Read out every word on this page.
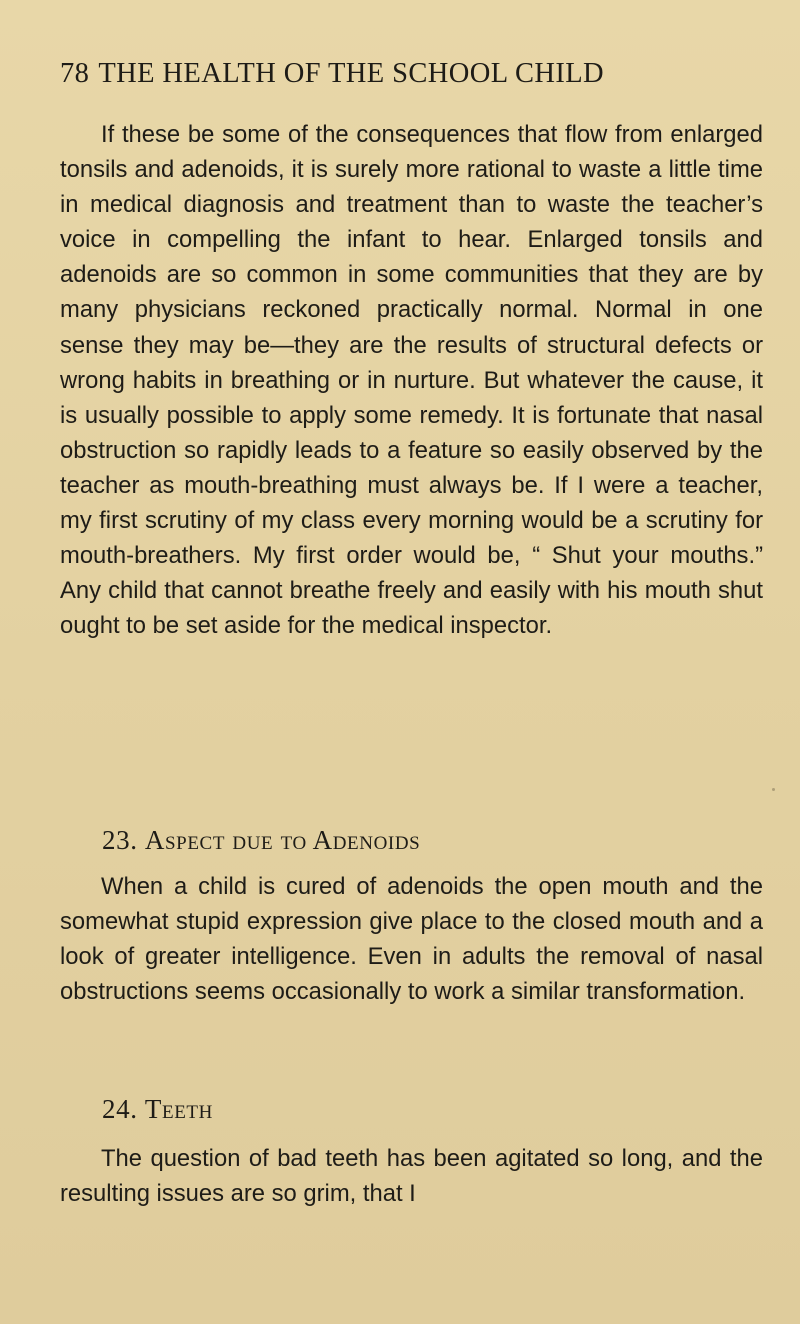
78 THE HEALTH OF THE SCHOOL CHILD

If these be some of the consequences that flow from enlarged tonsils and adenoids, it is surely more rational to waste a little time in medical diagnosis and treatment than to waste the teacher’s voice in compelling the infant to hear. Enlarged tonsils and adenoids are so common in some communities that they are by many physicians reckoned practically normal. Normal in one sense they may be—they are the results of structural defects or wrong habits in breathing or in nurture. But whatever the cause, it is usually possible to apply some remedy. It is fortunate that nasal obstruction so rapidly leads to a feature so easily observed by the teacher as mouth-breathing must always be. If I were a teacher, my first scrutiny of my class every morning would be a scrutiny for mouth-breathers. My first order would be, “ Shut your mouths.” Any child that cannot breathe freely and easily with his mouth shut ought to be set aside for the medical inspector.

23. Aspect due to Adenoids

When a child is cured of adenoids the open mouth and the somewhat stupid expression give place to the closed mouth and a look of greater intelligence. Even in adults the removal of nasal obstructions seems occasionally to work a similar transformation.

24. Teeth

The question of bad teeth has been agitated so long, and the resulting issues are so grim, that I
